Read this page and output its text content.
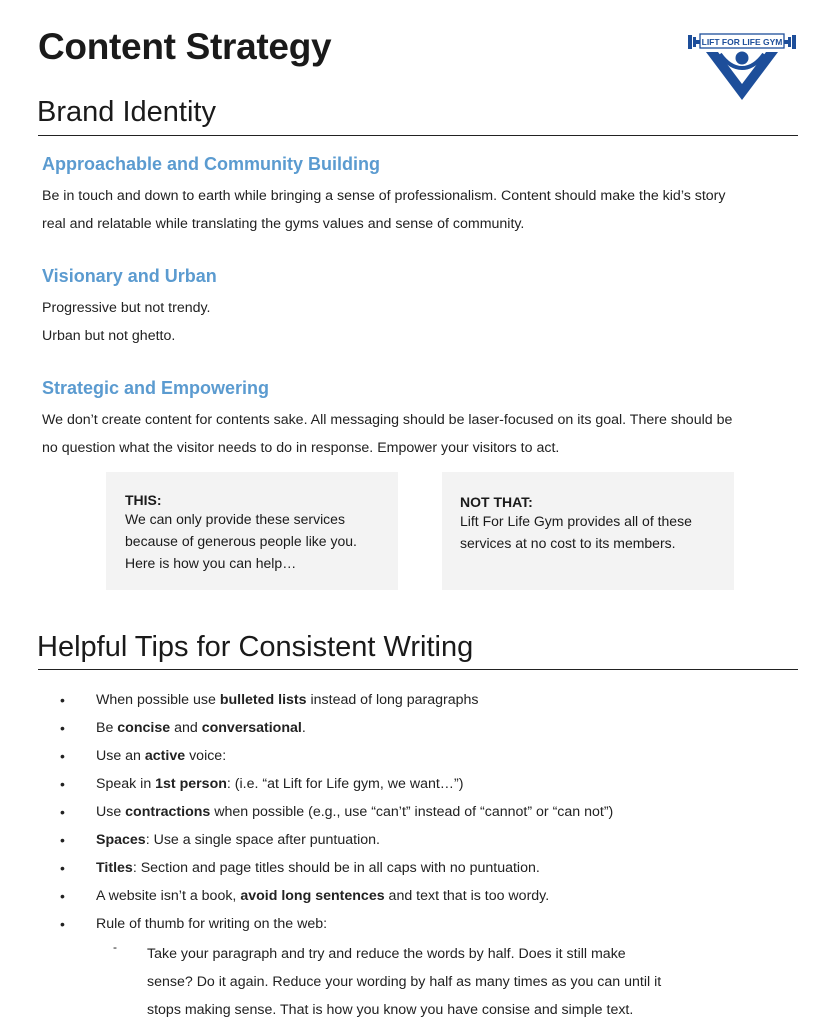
Content Strategy	LIFT FOR LIFE GYM
Brand Identity
Approachable and Community Building

Be in touch and down to earth while bringing a sense of professionalism. Content should make the kid’s story

real and relatable while translating the gyms values and sense of community.

Visionary and Urban

Progressive but not trendy.

Urban but not ghetto.

Strategic and Empowering

We don’t create content for contents sake. All messaging should be laser-focused on its goal. There should be

no question what the visitor needs to do in response. Empower your visitors to act.

THIS:
We can only provide these services
because of generous people like you.
Here is how you can help…
NOT THAT:
Lift For Life Gym provides all of these
services at no cost to its members.
Helpful Tips for Consistent Writing
• When possible use bulleted lists instead of long paragraphs
• Be concise and conversational.
• Use an active voice:
• Speak in 1st person: (i.e. “at Lift for Life gym, we want…”)
• Use contractions when possible (e.g., use “can’t” instead of “cannot” or “can not”)
• Spaces: Use a single space after puntuation.
• Titles: Section and page titles should be in all caps with no puntuation.
• A website isn’t a book, avoid long sentences and text that is too wordy.
• Rule of thumb for writing on the web:
- Take your paragraph and try and reduce the words by half. Does it still make
sense? Do it again. Reduce your wording by half as many times as you can until it
stops making sense. That is how you know you have consise and simple text.
